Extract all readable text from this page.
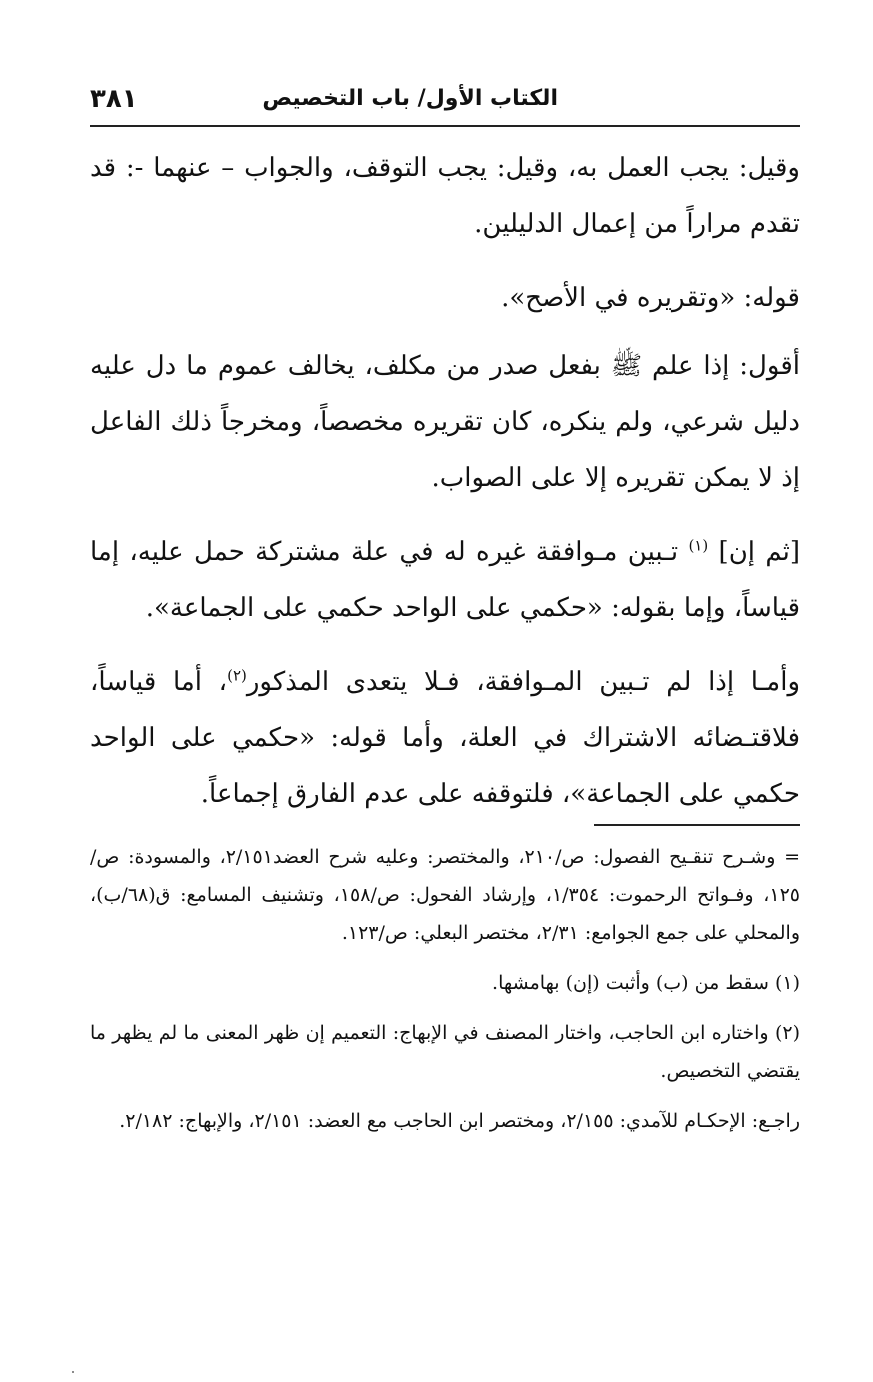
الكتاب الأول/ باب التخصيص
٣٨١

وقيل: يجب العمل به، وقيل: يجب التوقف، والجواب – عنهما -: قد تقدم مراراً من إعمال الدليلين.

قوله: «وتقريره في الأصح».

أقول: إذا علم ﷺ بفعل صدر من مكلف، يخالف عموم ما دل عليه دليل شرعي، ولم ينكره، كان تقريره مخصصاً، ومخرجاً ذلك الفاعل إذ لا يمكن تقريره إلا على الصواب.

[ثم إن] $^{(١)}$ تـبين مـوافقة غيره له في علة مشتركة حمل عليه، إما قياساً، وإما بقوله: «حكمي على الواحد حكمي على الجماعة».

وأمـا إذا لم تـبين المـوافقة، فـلا يتعدى المذكور$^{(٢)}$، أما قياساً، فلاقتـضائه الاشتراك في العلة، وأما قوله: «حكمي على الواحد حكمي على الجماعة»، فلتوقفه على عدم الفارق إجماعاً.

= وشـرح تنقـيح الفصول: ص/٢١٠، والمختصر: وعليه شرح العضد٢/١٥١، والمسودة: ص/١٢٥، وفـواتح الرحموت: ١/٣٥٤، وإرشاد الفحول: ص/١٥٨، وتشنيف المسامع: ق(٦٨/ب)، والمحلي على جمع الجوامع: ٢/٣١، مختصر البعلي: ص/١٢٣.

(١) سقط من (ب) وأثبت (إن) بهامشها.

(٢) واختاره ابن الحاجب، واختار المصنف في الإبهاج: التعميم إن ظهر المعنى ما لم يظهر ما يقتضي التخصيص.

راجـع: الإحكـام للآمدي: ٢/١٥٥، ومختصر ابن الحاجب مع العضد: ٢/١٥١، والإبهاج: ٢/١٨٢.
